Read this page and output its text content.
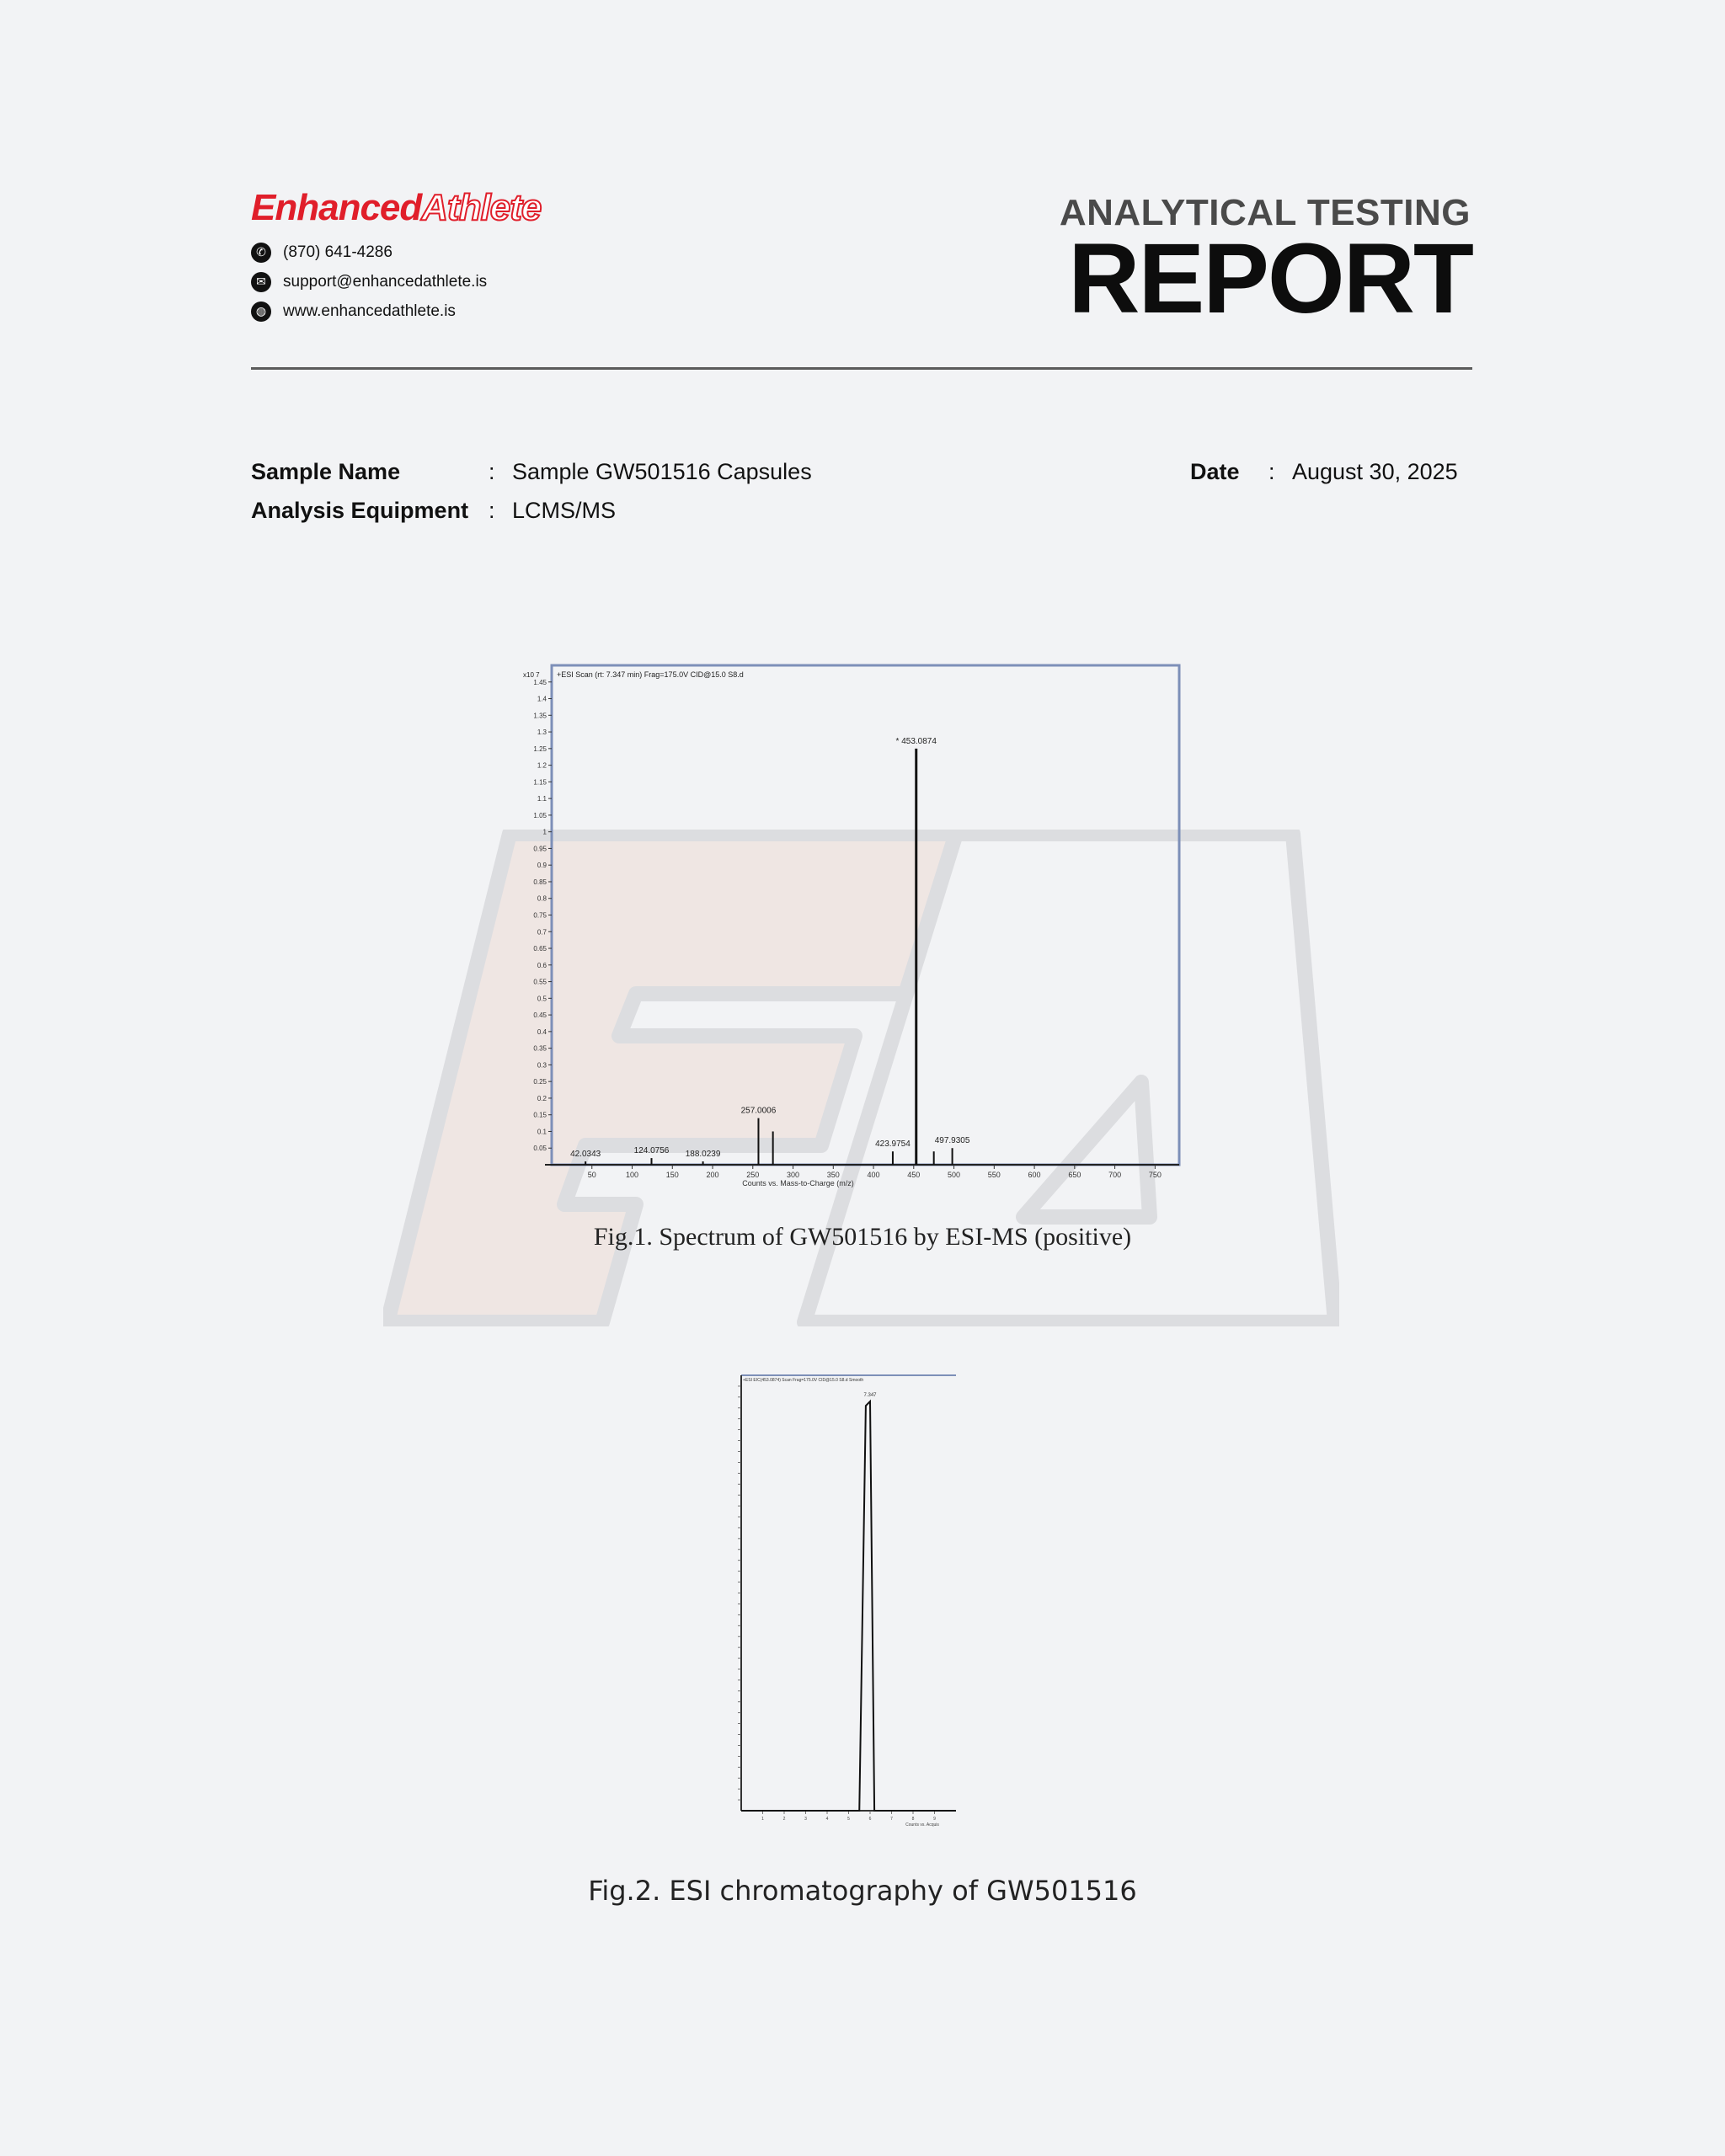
EnhancedAthlete
✆	(870) 641-4286
✉	support@enhancedathlete.is
◍	www.enhancedathlete.is
ANALYTICAL TESTING
REPORT
Sample Name	: Sample GW501516 Capsules
Analysis Equipment : LCMS/MS
Date : August 30, 2025
+ESI Scan (rt: 7.347 min) Frag=175.0V CID@15.0 S8.d
x10 7
0.05
0.1
0.15
0.2
0.25
0.3
0.35
0.4
0.45
0.5
0.55
0.6
0.65
0.7
0.75
0.8
0.85
0.9
0.95
1
1.05
1.1
1.15
1.2
1.25
1.3
1.35
1.4
1.45
50	100	150	200	250	300	350	400	450	500	550	600	650	700	750
Counts vs. Mass-to-Charge (m/z)
42.0343	124.0756 188.0239
257.0006
423.9754
* 453.0874
497.9305
Fig.1. Spectrum of GW501516 by ESI-MS (positive)
+ESI EIC(453.0874) Scan Frag=175.0V CID@15.0 S8.d Smooth
1	2	3	4	5	6	7	8	9
Counts vs. Acquis
7.347
Fig.2. ESI chromatography of GW501516
